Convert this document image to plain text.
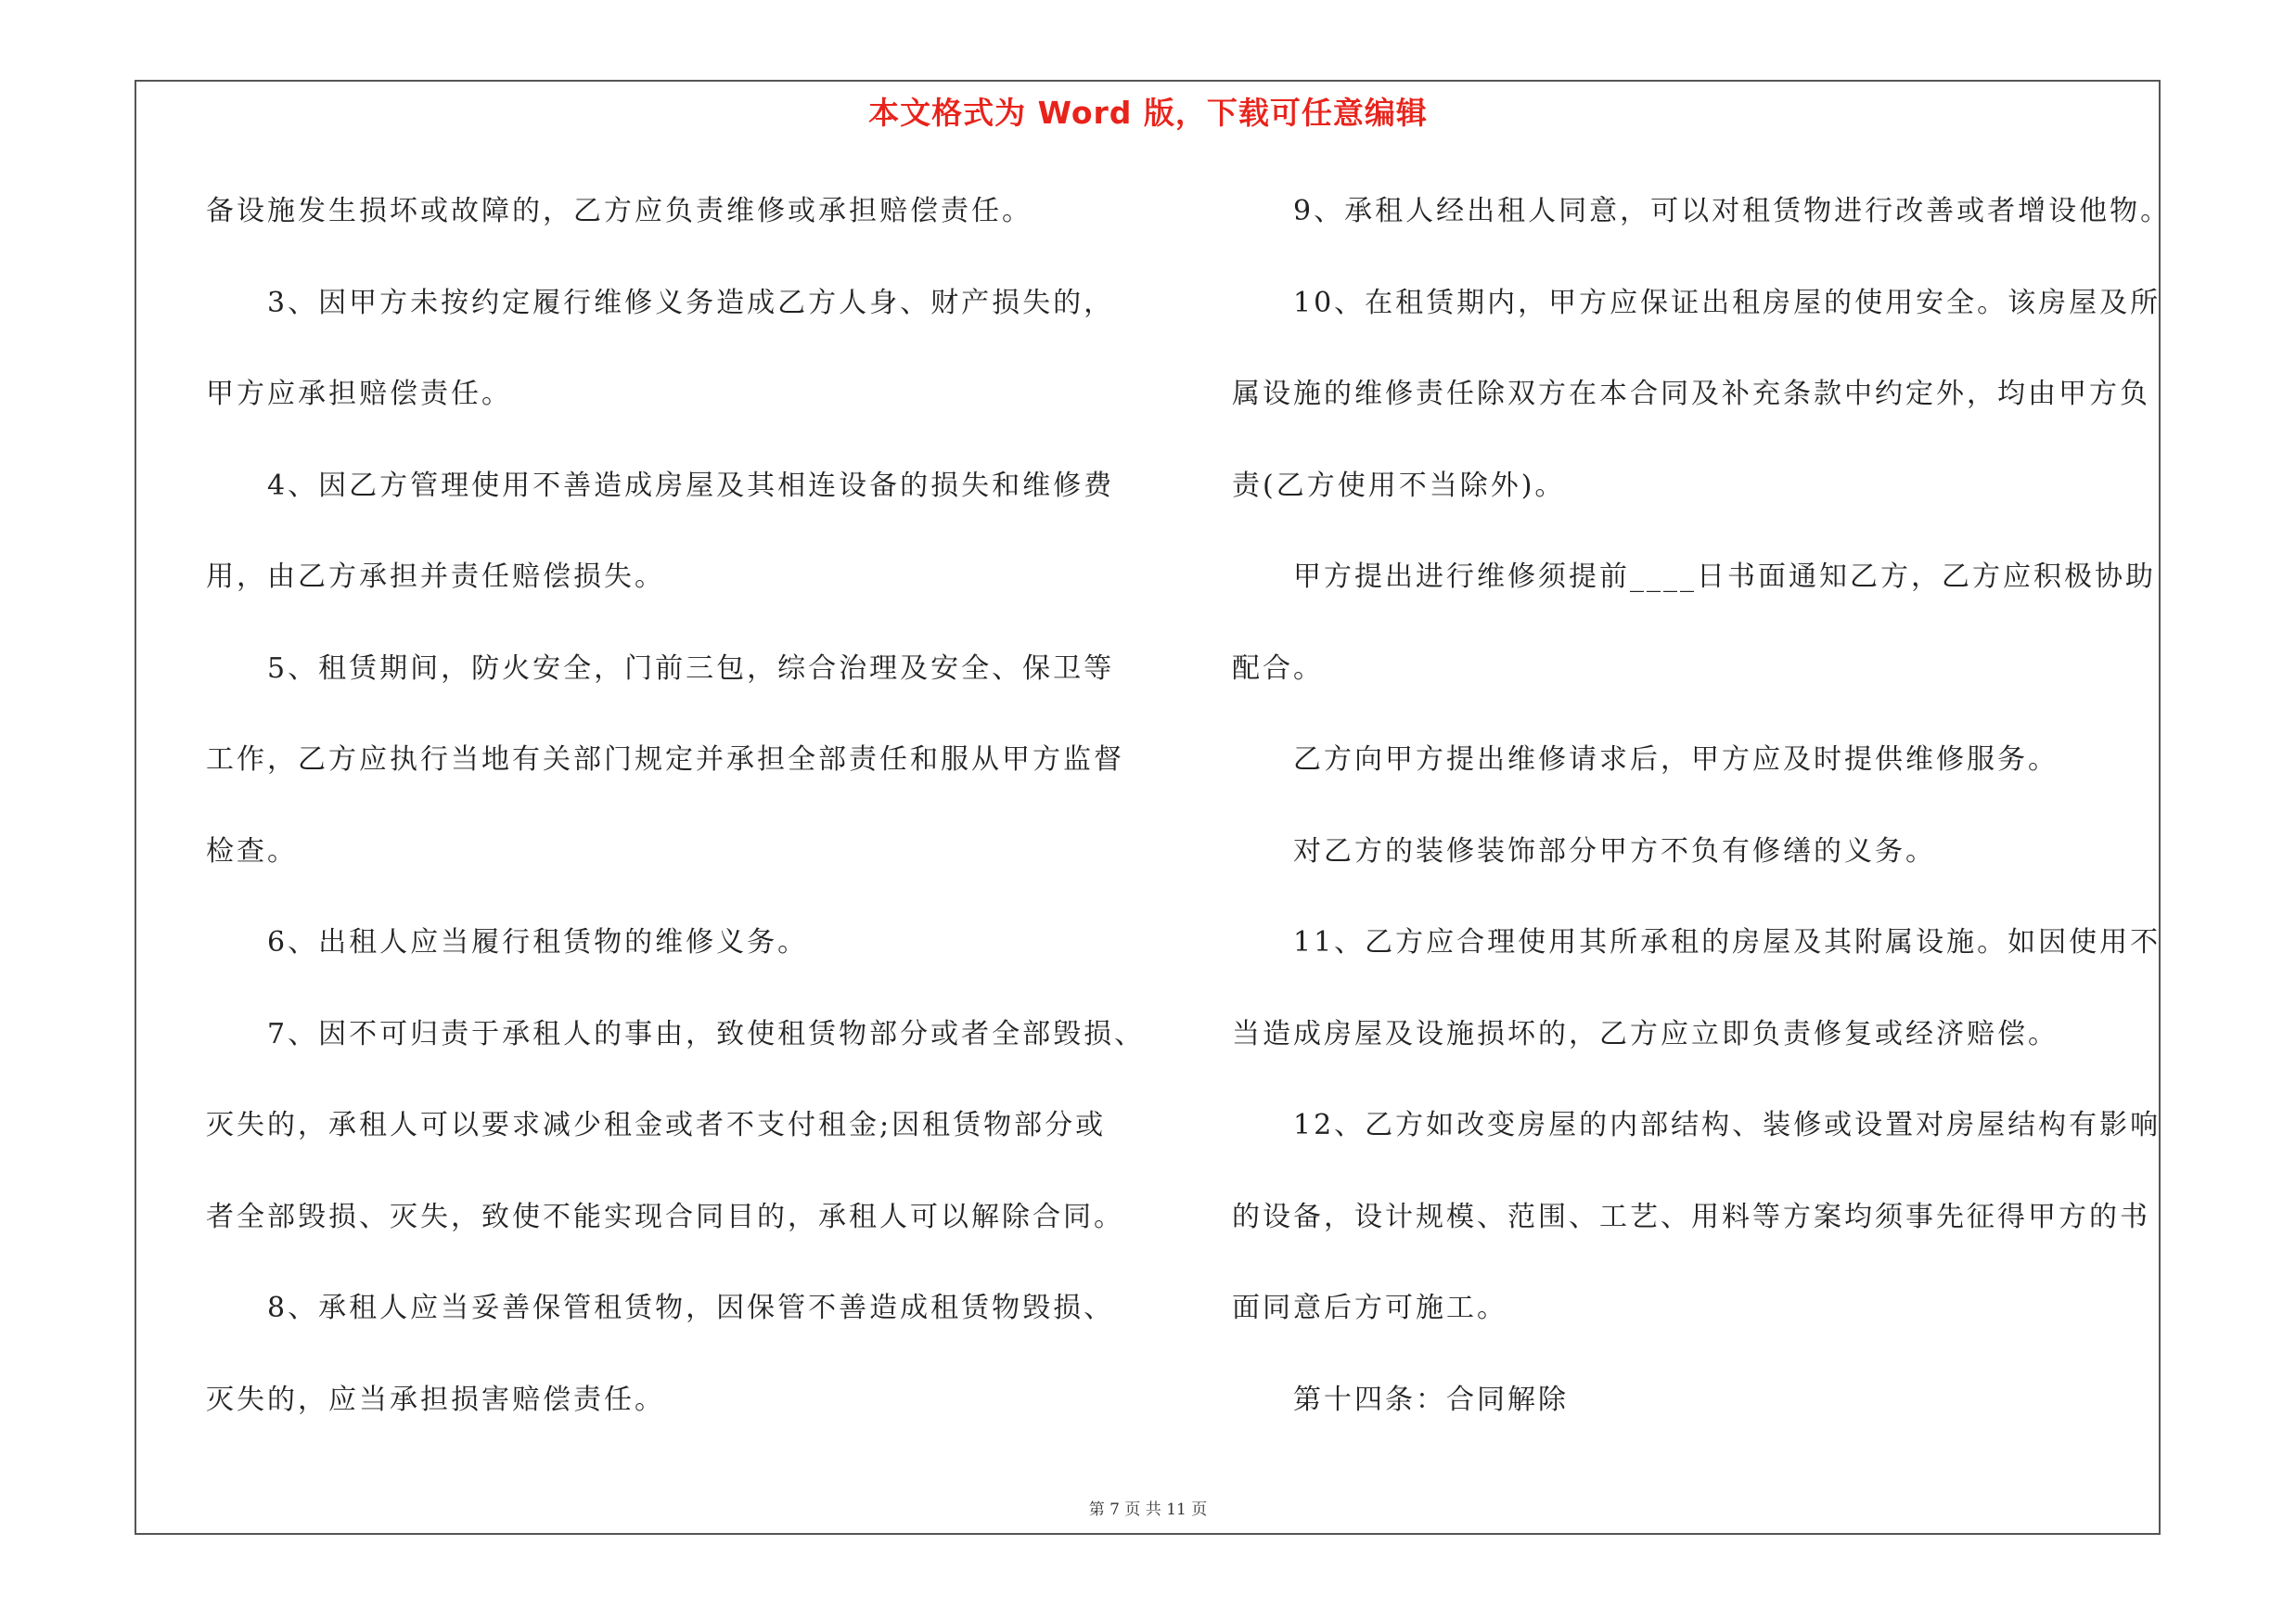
本文格式为 Word 版，下载可任意编辑
备设施发生损坏或故障的，乙方应负责维修或承担赔偿责任。
3、因甲方未按约定履行维修义务造成乙方人身、财产损失的，
甲方应承担赔偿责任。
4、因乙方管理使用不善造成房屋及其相连设备的损失和维修费
用，由乙方承担并责任赔偿损失。
5、租赁期间，防火安全，门前三包，综合治理及安全、保卫等
工作，乙方应执行当地有关部门规定并承担全部责任和服从甲方监督
检查。
6、出租人应当履行租赁物的维修义务。
7、因不可归责于承租人的事由，致使租赁物部分或者全部毁损、
灭失的，承租人可以要求减少租金或者不支付租金;因租赁物部分或
者全部毁损、灭失，致使不能实现合同目的，承租人可以解除合同。
8、承租人应当妥善保管租赁物，因保管不善造成租赁物毁损、
灭失的，应当承担损害赔偿责任。
9、承租人经出租人同意，可以对租赁物进行改善或者增设他物。
10、在租赁期内，甲方应保证出租房屋的使用安全。该房屋及所
属设施的维修责任除双方在本合同及补充条款中约定外，均由甲方负
责(乙方使用不当除外)。
甲方提出进行维修须提前____日书面通知乙方，乙方应积极协助
配合。
乙方向甲方提出维修请求后，甲方应及时提供维修服务。
对乙方的装修装饰部分甲方不负有修缮的义务。
11、乙方应合理使用其所承租的房屋及其附属设施。如因使用不
当造成房屋及设施损坏的，乙方应立即负责修复或经济赔偿。
12、乙方如改变房屋的内部结构、装修或设置对房屋结构有影响
的设备，设计规模、范围、工艺、用料等方案均须事先征得甲方的书
面同意后方可施工。
第十四条：合同解除
第 7 页 共 11 页
